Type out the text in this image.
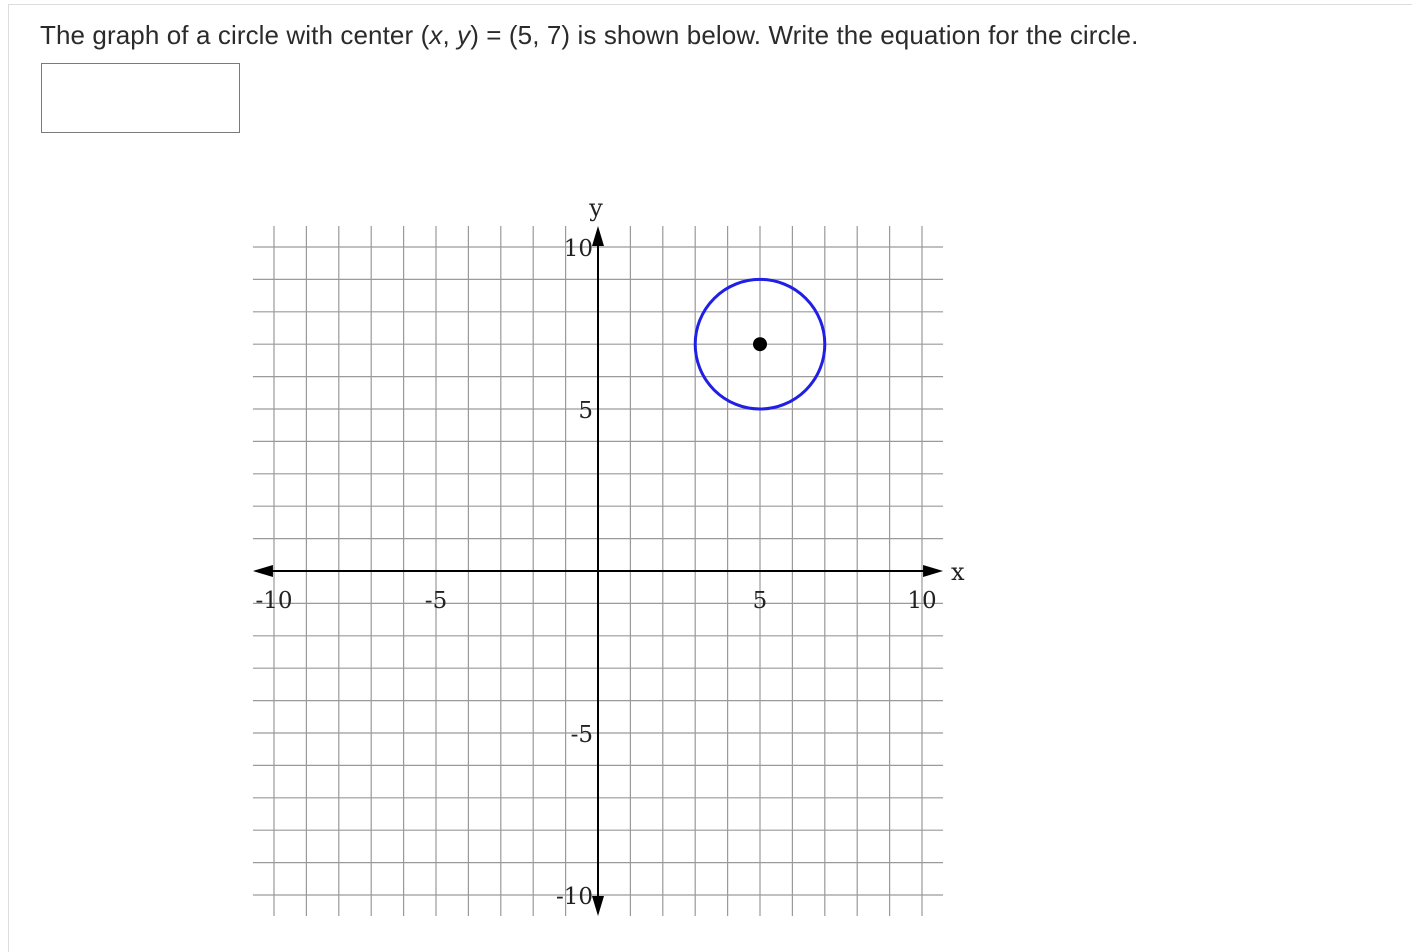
The graph of a circle with center (x, y) = (5, 7) is shown below. Write the equation for the circle.
x
y
-10	-5	5	10
10
5
-5
-10
